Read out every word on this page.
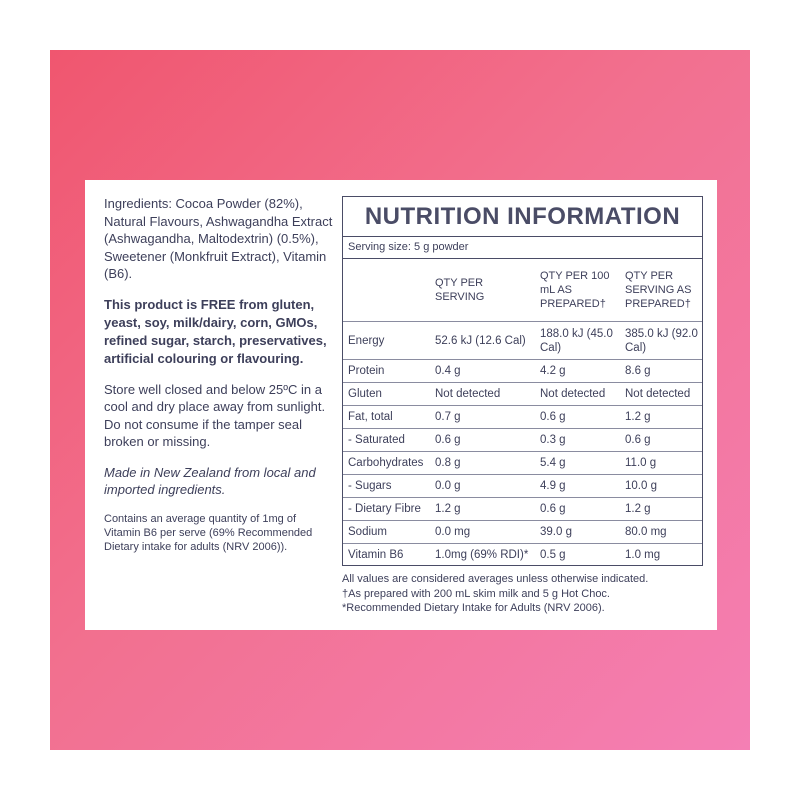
Ingredients: Cocoa Powder (82%), Natural Flavours, Ashwagandha Extract (Ashwagandha, Maltodextrin) (0.5%), Sweetener (Monkfruit Extract), Vitamin (B6).

This product is FREE from gluten, yeast, soy, milk/dairy, corn, GMOs, refined sugar, starch, preservatives, artificial colouring or flavouring.

Store well closed and below 25ºC in a cool and dry place away from sunlight. Do not consume if the tamper seal broken or missing.

Made in New Zealand from local and imported ingredients.

Contains an average quantity of 1mg of Vitamin B6 per serve (69% Recommended Dietary intake for adults (NRV 2006)).

NUTRITION INFORMATION
Serving size: 5 g powder
	QTY PER SERVING	QTY PER 100 mL AS PREPARED†	QTY PER SERVING AS PREPARED†
Energy	52.6 kJ (12.6 Cal)	188.0 kJ (45.0 Cal)	385.0 kJ (92.0 Cal)
Protein	0.4 g	4.2 g	8.6 g
Gluten	Not detected	Not detected	Not detected
Fat, total	0.7 g	0.6 g	1.2 g
- Saturated	0.6 g	0.3 g	0.6 g
Carbohydrates	0.8 g	5.4 g	11.0 g
- Sugars	0.0 g	4.9 g	10.0 g
- Dietary Fibre	1.2 g	0.6 g	1.2 g
Sodium	0.0 mg	39.0 g	80.0 mg
Vitamin B6	1.0mg (69% RDI)*	0.5 g	1.0 mg
All values are considered averages unless otherwise indicated.
†As prepared with 200 mL skim milk and 5 g Hot Choc.
*Recommended Dietary Intake for Adults (NRV 2006).
